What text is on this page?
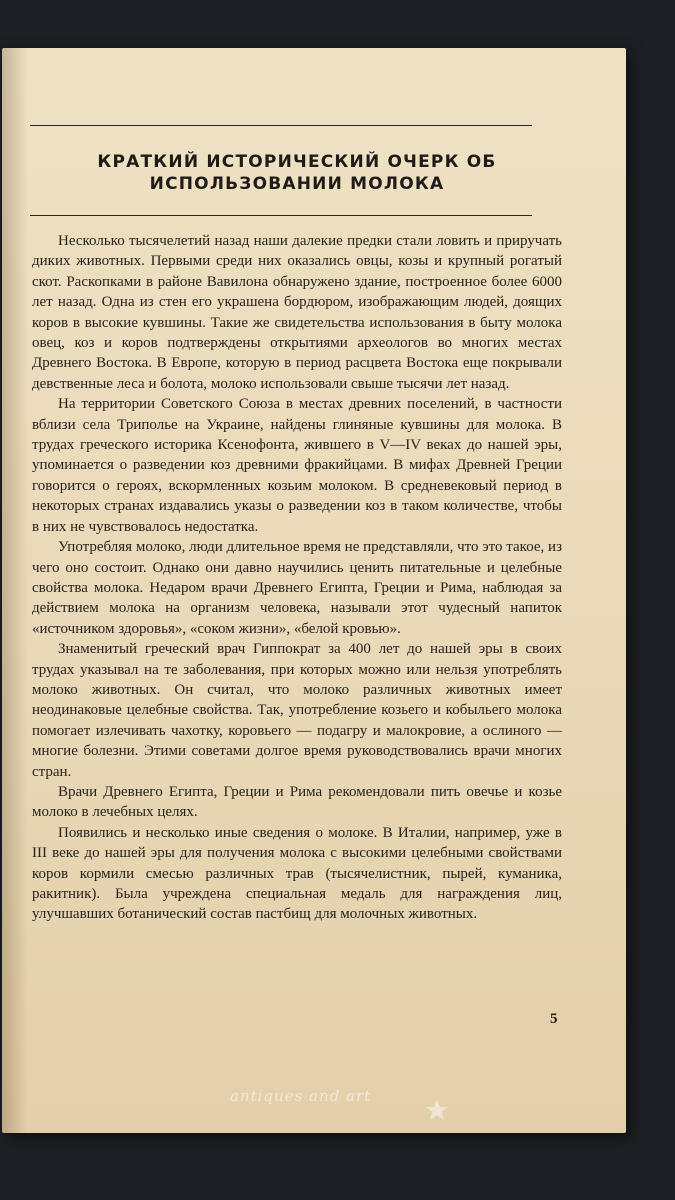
КРАТКИЙ ИСТОРИЧЕСКИЙ ОЧЕРК ОБ ИСПОЛЬЗОВАНИИ МОЛОКА

Несколько тысячелетий назад наши далекие предки стали ловить и приручать диких животных. Первыми среди них оказались овцы, козы и крупный рогатый скот. Раскопками в районе Вавилона обнаружено здание, построенное более 6000 лет назад. Одна из стен его украшена бордюром, изображающим людей, доящих коров в высокие кувшины. Такие же свидетельства использования в быту молока овец, коз и коров подтверждены открытиями археологов во многих местах Древнего Востока. В Европе, которую в период расцвета Востока еще покрывали девственные леса и болота, молоко использовали свыше тысячи лет назад.

На территории Советского Союза в местах древних поселений, в частности вблизи села Триполье на Украине, найдены глиняные кувшины для молока. В трудах греческого историка Ксенофонта, жившего в V—IV веках до нашей эры, упоминается о разведении коз древними фракийцами. В мифах Древней Греции говорится о героях, вскормленных козьим молоком. В средневековый период в некоторых странах издавались указы о разведении коз в таком количестве, чтобы в них не чувствовалось недостатка.

Употребляя молоко, люди длительное время не представляли, что это такое, из чего оно состоит. Однако они давно научились ценить питательные и целебные свойства молока. Недаром врачи Древнего Египта, Греции и Рима, наблюдая за действием молока на организм человека, называли этот чудесный напиток «источником здоровья», «соком жизни», «белой кровью».

Знаменитый греческий врач Гиппократ за 400 лет до нашей эры в своих трудах указывал на те заболевания, при которых можно или нельзя употреблять молоко животных. Он считал, что молоко различных животных имеет неодинаковые целебные свойства. Так, употребление козьего и кобыльего молока помогает излечивать чахотку, коровьего — подагру и малокровие, а ослиного — многие болезни. Этими советами долгое время руководствовались врачи многих стран.

Врачи Древнего Египта, Греции и Рима рекомендовали пить овечье и козье молоко в лечебных целях.

Появились и несколько иные сведения о молоке. В Италии, например, уже в III веке до нашей эры для получения молока с высокими целебными свойствами коров кормили смесью различных трав (тысячелистник, пырей, куманика, ракитник). Была учреждена специальная медаль для награждения лиц, улучшавших ботанический состав пастбищ для молочных животных.

5
antiques and art
